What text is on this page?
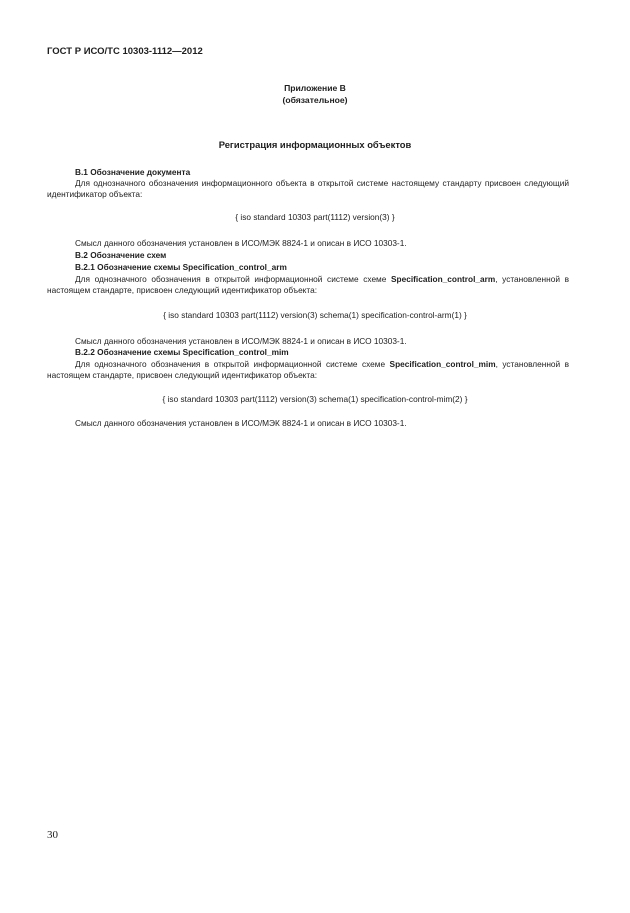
ГОСТ Р ИСО/ТС 10303-1112—2012
Приложение В
(обязательное)
Регистрация информационных объектов
В.1 Обозначение документа
Для однозначного обозначения информационного объекта в открытой системе настоящему стандарту присвоен следующий идентификатор объекта:
{ iso standard 10303 part(1112) version(3) }
Смысл данного обозначения установлен в ИСО/МЭК 8824-1 и описан в ИСО 10303-1.
В.2 Обозначение схем
В.2.1 Обозначение схемы Specification_control_arm
Для однозначного обозначения в открытой информационной системе схеме Specification_control_arm, установленной в настоящем стандарте, присвоен следующий идентификатор объекта:
{ iso standard 10303 part(1112) version(3) schema(1) specification-control-arm(1) }
Смысл данного обозначения установлен в ИСО/МЭК 8824-1 и описан в ИСО 10303-1.
В.2.2 Обозначение схемы Specification_control_mim
Для однозначного обозначения в открытой информационной системе схеме Specification_control_mim, установленной в настоящем стандарте, присвоен следующий идентификатор объекта:
{ iso standard 10303 part(1112) version(3) schema(1) specification-control-mim(2) }
Смысл данного обозначения установлен в ИСО/МЭК 8824-1 и описан в ИСО 10303-1.
30
